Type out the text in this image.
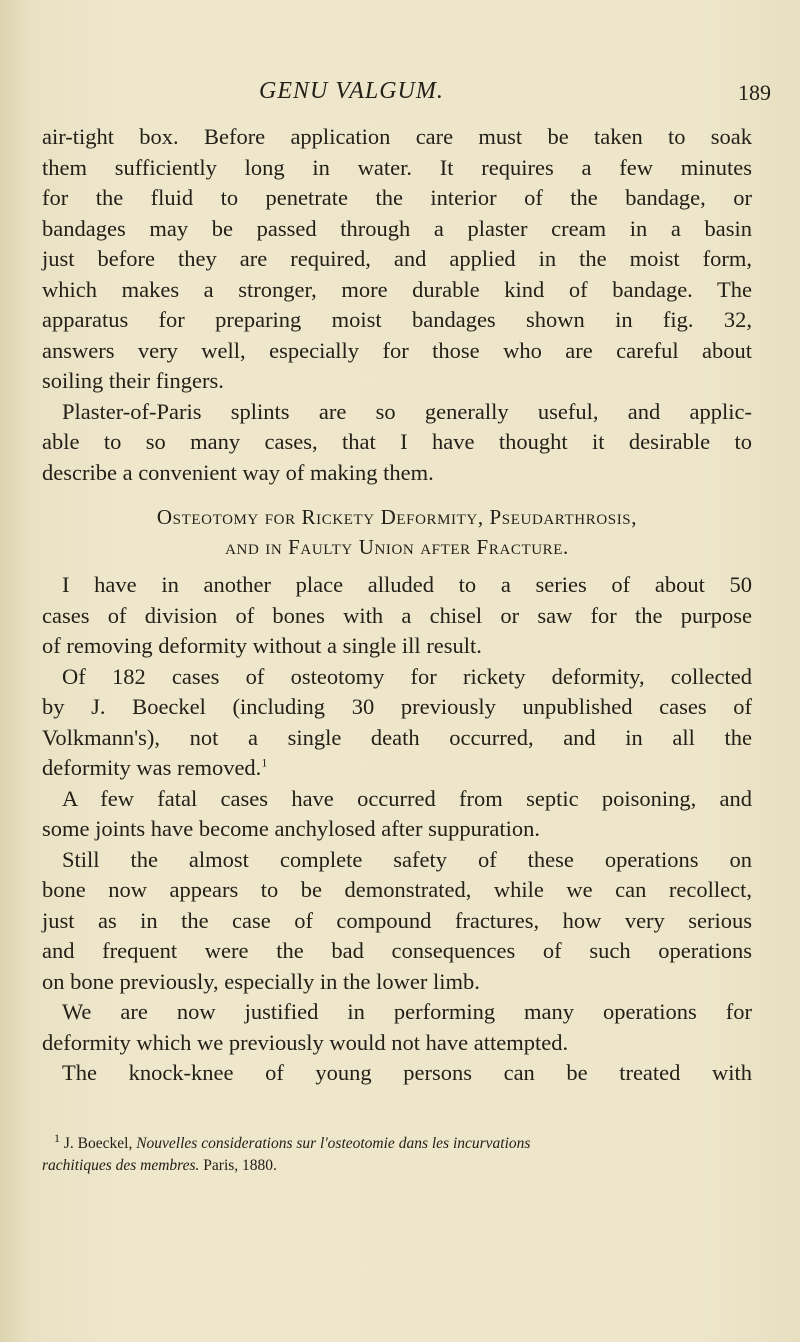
GENU VALGUM.	189
air-tight box. Before application care must be taken to soak
them sufficiently long in water. It requires a few minutes
for the fluid to penetrate the interior of the bandage, or
bandages may be passed through a plaster cream in a basin
just before they are required, and applied in the moist form,
which makes a stronger, more durable kind of bandage. The
apparatus for preparing moist bandages shown in fig. 32,
answers very well, especially for those who are careful about
soiling their fingers.
Plaster-of-Paris splints are so generally useful, and applic-
able to so many cases, that I have thought it desirable to
describe a convenient way of making them.
Osteotomy for Rickety Deformity, Pseudarthrosis,
and in Faulty Union after Fracture.
I have in another place alluded to a series of about 50
cases of division of bones with a chisel or saw for the purpose
of removing deformity without a single ill result.
Of 182 cases of osteotomy for rickety deformity, collected
by J. Boeckel (including 30 previously unpublished cases of
Volkmann's), not a single death occurred, and in all the
deformity was removed.$^1$
A few fatal cases have occurred from septic poisoning, and
some joints have become anchylosed after suppuration.
Still the almost complete safety of these operations on
bone now appears to be demonstrated, while we can recollect,
just as in the case of compound fractures, how very serious
and frequent were the bad consequences of such operations
on bone previously, especially in the lower limb.
We are now justified in performing many operations for
deformity which we previously would not have attempted.
The knock-knee of young persons can be treated with
$^1$ J. Boeckel, Nouvelles considerations sur l'osteotomie dans les incurvations
rachitiques des membres. Paris, 1880.
